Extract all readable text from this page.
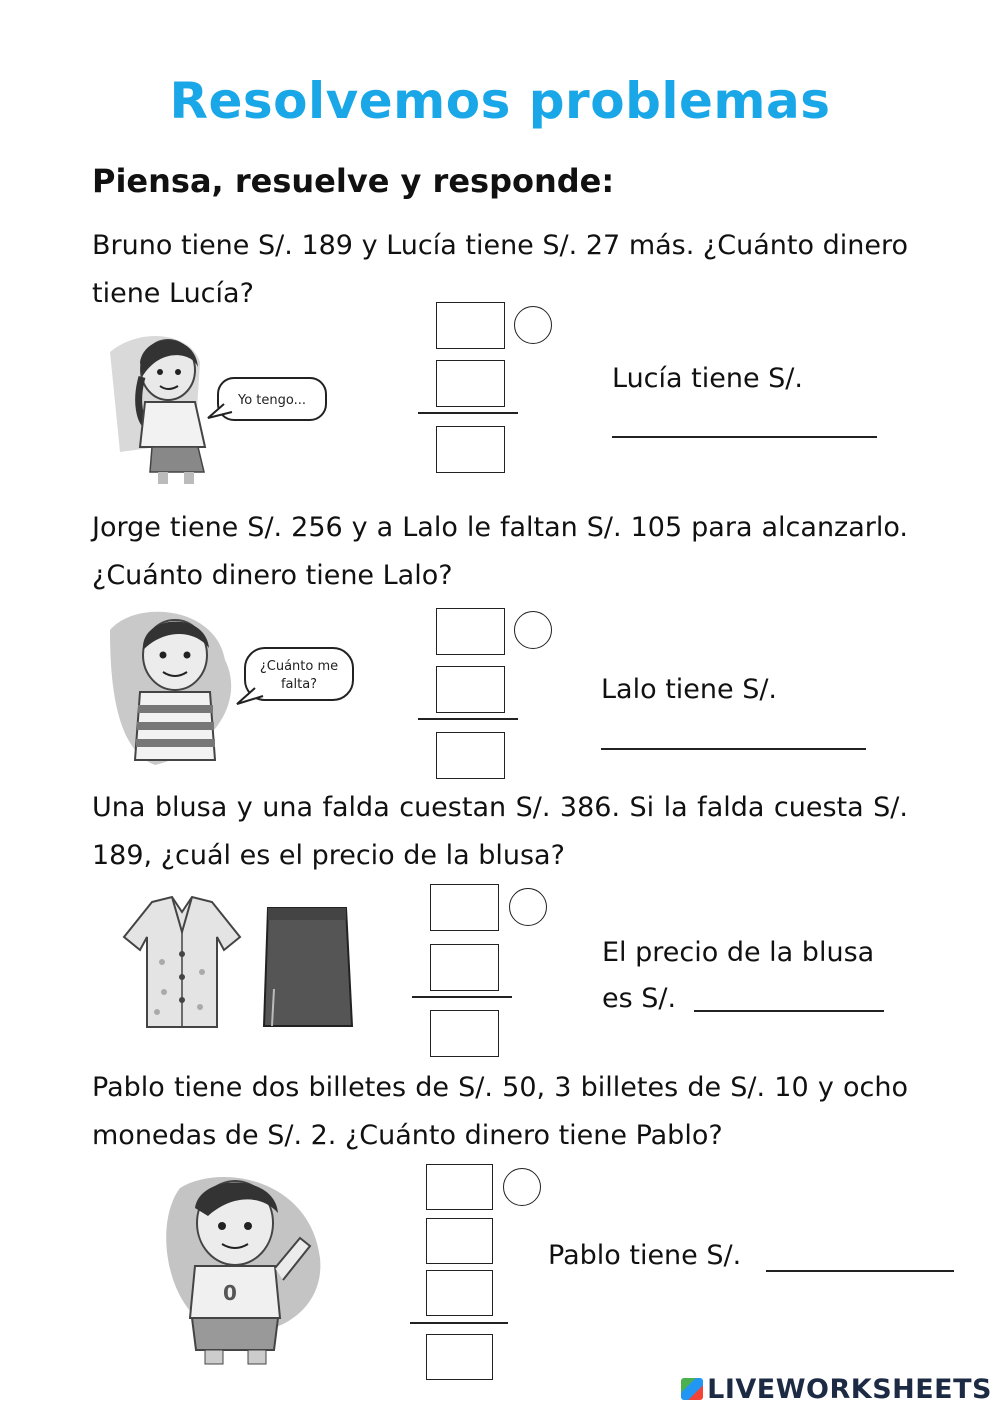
Resolvemos problemas
Piensa, resuelve y responde:
Bruno tiene S/. 189 y Lucía tiene S/. 27 más. ¿Cuánto dinero tiene Lucía?
Yo tengo...
Lucía tiene S/.
Jorge tiene S/. 256 y a Lalo le faltan S/. 105 para alcanzarlo. ¿Cuánto dinero tiene Lalo?
¿Cuánto me
falta?	Lalo tiene S/.
Una blusa y una falda cuestan S/. 386. Si la falda cuesta S/. 189, ¿cuál es el precio de la blusa?
El precio de la blusa
es S/.
Pablo tiene dos billetes de S/. 50, 3 billetes de S/. 10 y ocho monedas de S/. 2. ¿Cuánto dinero tiene Pablo?
0
Pablo tiene S/.
LIVEWORKSHEETS
